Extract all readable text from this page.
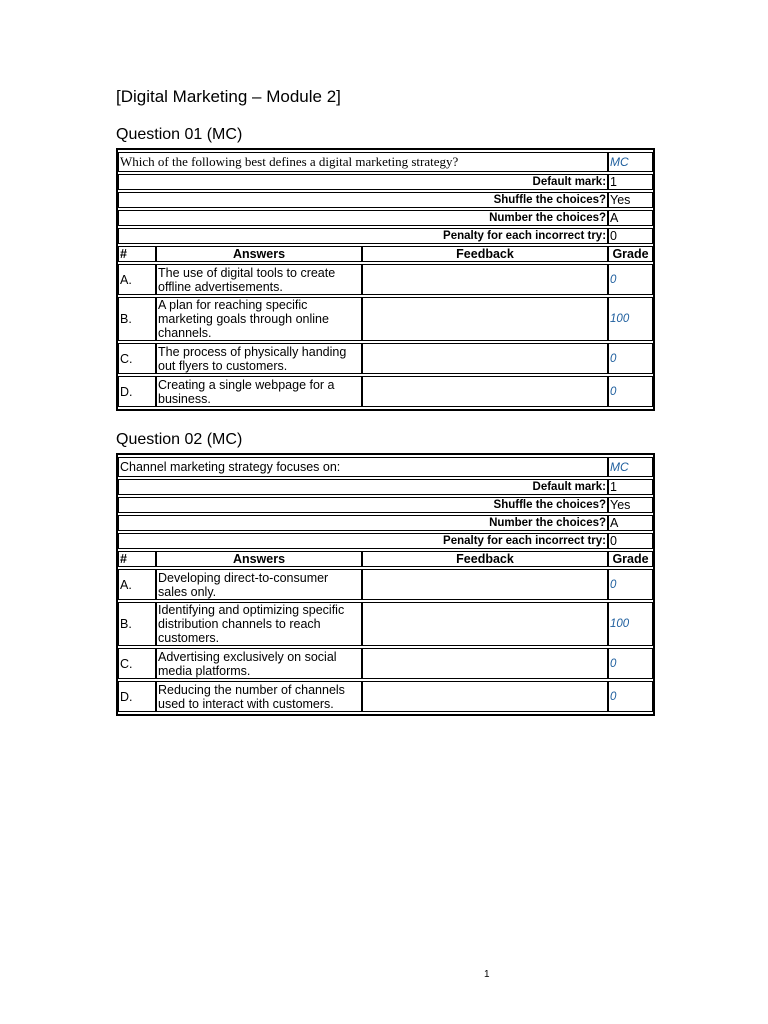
[Digital Marketing – Module 2]
Question 01 (MC)
Which of the following best defines a digital marketing strategy?			MC
Default mark:			1
Shuffle the choices?			Yes
Number the choices?			A
Penalty for each incorrect try:			0
#	Answers	Feedback	Grade
A.	The use of digital tools to create offline advertisements.		0
B.	A plan for reaching specific marketing goals through online channels.		100
C.	The process of physically handing out flyers to customers.		0
D.	Creating a single webpage for a business.		0
Question 02 (MC)
Channel marketing strategy focuses on:			MC
Default mark:			1
Shuffle the choices?			Yes
Number the choices?			A
Penalty for each incorrect try:			0
#	Answers	Feedback	Grade
A.	Developing direct-to-consumer sales only.		0
B.	Identifying and optimizing specific distribution channels to reach customers.		100
C.	Advertising exclusively on social media platforms.		0
D.	Reducing the number of channels used to interact with customers.		0
1
